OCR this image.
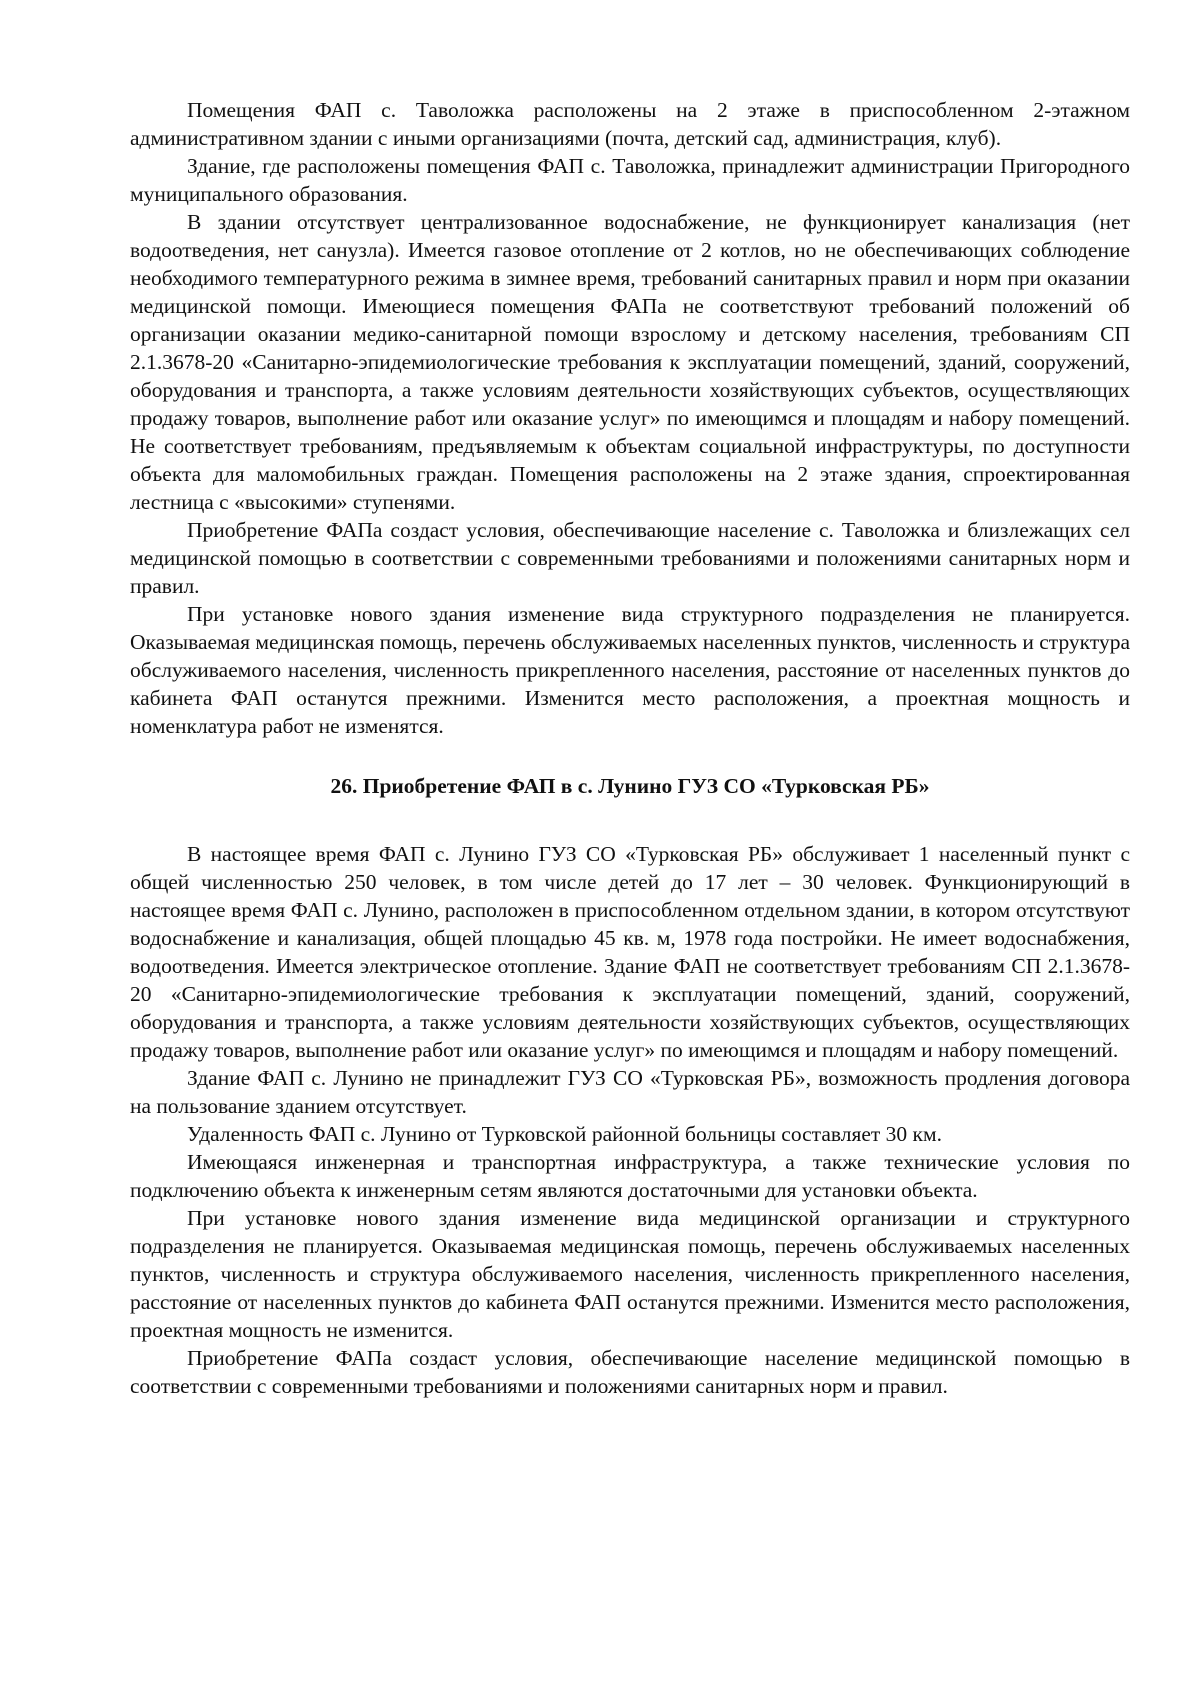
Помещения ФАП с. Таволожка расположены на 2 этаже в приспособленном 2-этажном административном здании с иными организациями (почта, детский сад, администрация, клуб).

Здание, где расположены помещения ФАП с. Таволожка, принадлежит администрации Пригородного муниципального образования.

В здании отсутствует централизованное водоснабжение, не функционирует канализация (нет водоотведения, нет санузла). Имеется газовое отопление от 2 котлов, но не обеспечивающих соблюдение необходимого температурного режима в зимнее время, требований санитарных правил и норм при оказании медицинской помощи. Имеющиеся помещения ФАПа не соответствуют требований положений об организации оказании медико-санитарной помощи взрослому и детскому населения, требованиям СП 2.1.3678-20 «Санитарно-эпидемиологические требования к эксплуатации помещений, зданий, сооружений, оборудования и транспорта, а также условиям деятельности хозяйствующих субъектов, осуществляющих продажу товаров, выполнение работ или оказание услуг» по имеющимся и площадям и набору помещений. Не соответствует требованиям, предъявляемым к объектам социальной инфраструктуры, по доступности объекта для маломобильных граждан. Помещения расположены на 2 этаже здания, спроектированная лестница с «высокими» ступенями.

Приобретение ФАПа создаст условия, обеспечивающие население с. Таволожка и близлежащих сел медицинской помощью в соответствии с современными требованиями и положениями санитарных норм и правил.

При установке нового здания изменение вида структурного подразделения не планируется. Оказываемая медицинская помощь, перечень обслуживаемых населенных пунктов, численность и структура обслуживаемого населения, численность прикрепленного населения, расстояние от населенных пунктов до кабинета ФАП останутся прежними. Изменится место расположения, а проектная мощность и номенклатура работ не изменятся.

26. Приобретение ФАП в с. Лунино ГУЗ СО «Турковская РБ»

В настоящее время ФАП с. Лунино ГУЗ СО «Турковская РБ» обслуживает 1 населенный пункт с общей численностью 250 человек, в том числе детей до 17 лет – 30 человек. Функционирующий в настоящее время ФАП с. Лунино, расположен в приспособленном отдельном здании, в котором отсутствуют водоснабжение и канализация, общей площадью 45 кв. м, 1978 года постройки. Не имеет водоснабжения, водоотведения. Имеется электрическое отопление. Здание ФАП не соответствует требованиям СП 2.1.3678-20 «Санитарно-эпидемиологические требования к эксплуатации помещений, зданий, сооружений, оборудования и транспорта, а также условиям деятельности хозяйствующих субъектов, осуществляющих продажу товаров, выполнение работ или оказание услуг» по имеющимся и площадям и набору помещений.

Здание ФАП с. Лунино не принадлежит ГУЗ СО «Турковская РБ», возможность продления договора на пользование зданием отсутствует.

Удаленность ФАП с. Лунино от Турковской районной больницы составляет 30 км.

Имеющаяся инженерная и транспортная инфраструктура, а также технические условия по подключению объекта к инженерным сетям являются достаточными для установки объекта.

При установке нового здания изменение вида медицинской организации и структурного подразделения не планируется. Оказываемая медицинская помощь, перечень обслуживаемых населенных пунктов, численность и структура обслуживаемого населения, численность прикрепленного населения, расстояние от населенных пунктов до кабинета ФАП останутся прежними. Изменится место расположения, проектная мощность не изменится.

Приобретение ФАПа создаст условия, обеспечивающие население медицинской помощью в соответствии с современными требованиями и положениями санитарных норм и правил.
